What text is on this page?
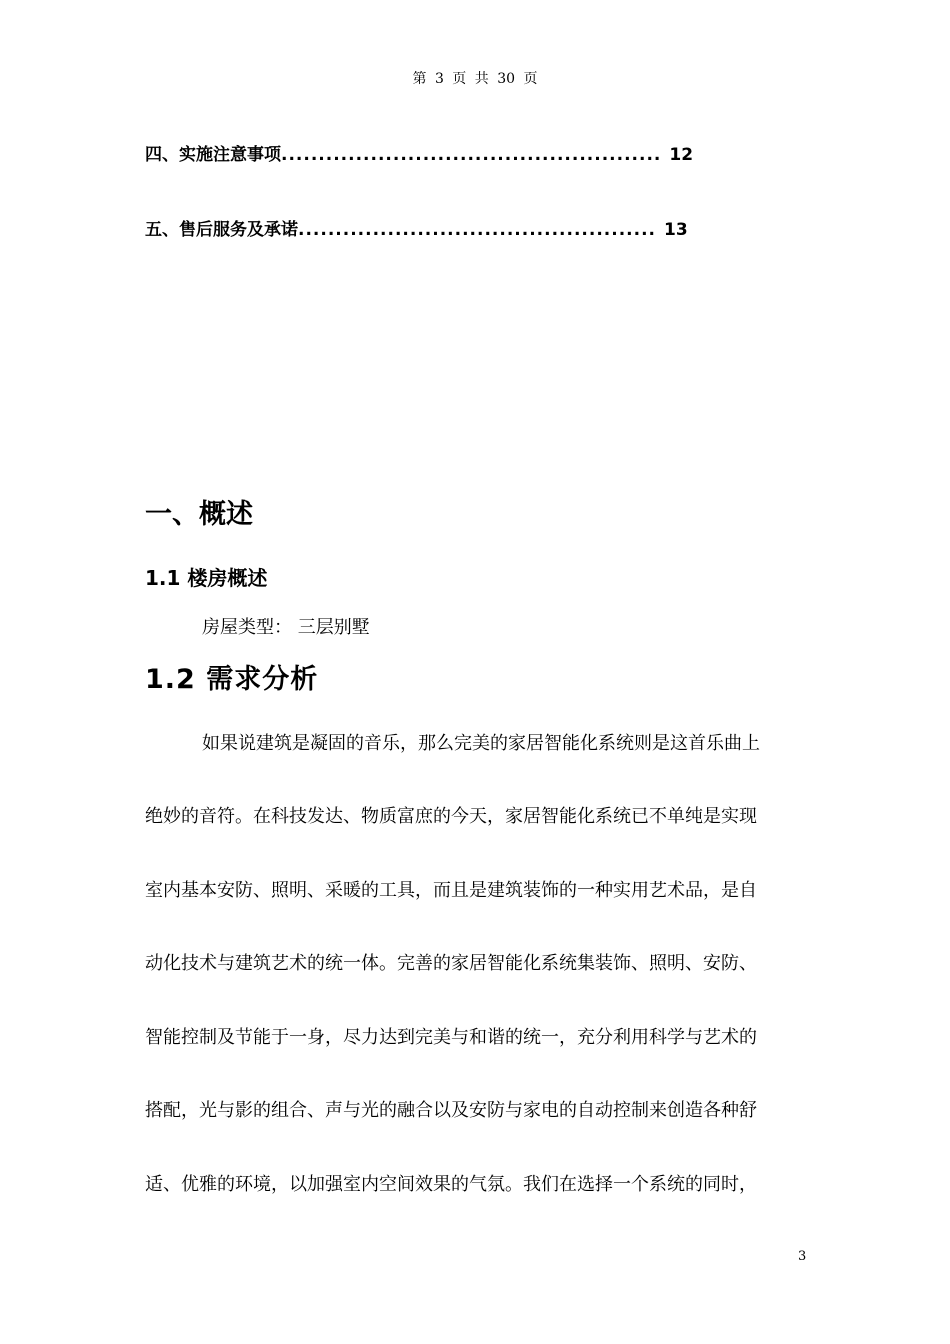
第 3 页 共 30 页
四、实施注意事项................................................... 12
五、售后服务及承诺................................................ 13
一、概述
1.1 楼房概述
房屋类型： 三层别墅
1.2 需求分析
如果说建筑是凝固的音乐，那么完美的家居智能化系统则是这首乐曲上
绝妙的音符。在科技发达、物质富庶的今天，家居智能化系统已不单纯是实现
室内基本安防、照明、采暖的工具，而且是建筑装饰的一种实用艺术品，是自
动化技术与建筑艺术的统一体。完善的家居智能化系统集装饰、照明、安防、
智能控制及节能于一身，尽力达到完美与和谐的统一，充分利用科学与艺术的
搭配，光与影的组合、声与光的融合以及安防与家电的自动控制来创造各种舒
适、优雅的环境，以加强室内空间效果的气氛。我们在选择一个系统的同时，
3
